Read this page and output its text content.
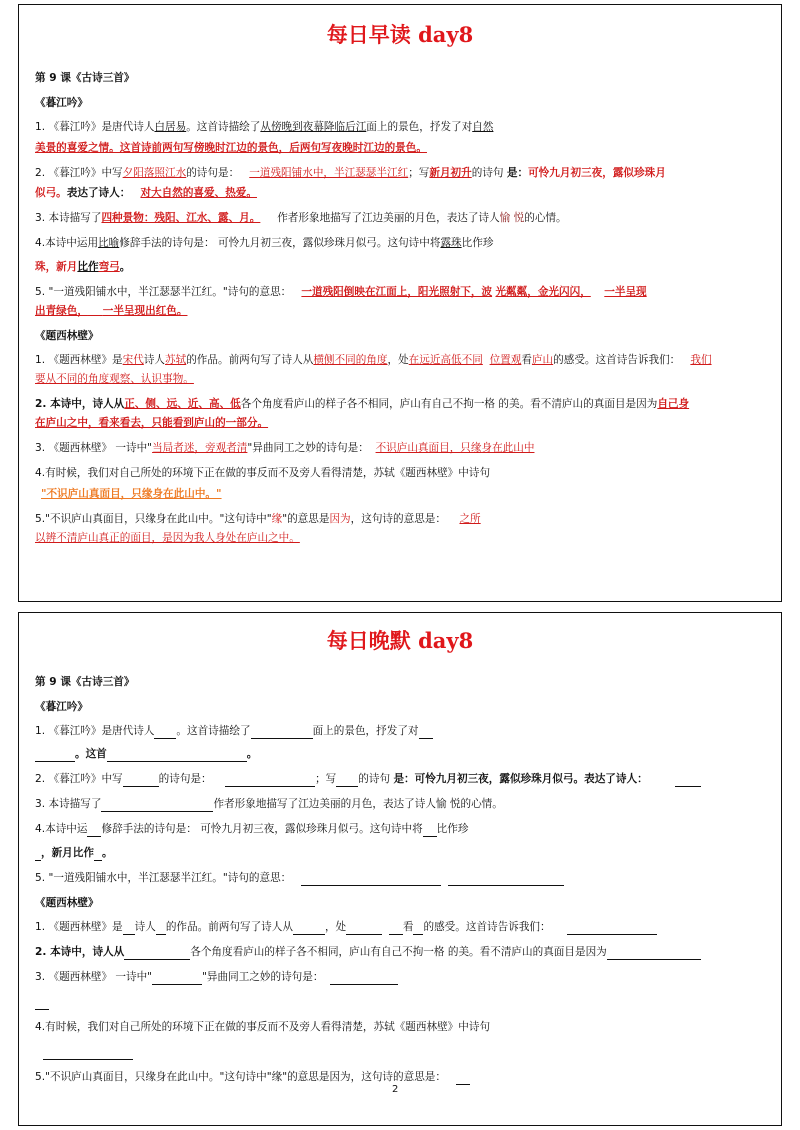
每日早读 day8
第 9 课《古诗三首》
《暮江吟》
1. 《暮江吟》是唐代诗人白居易。这首诗描绘了从傍晚到夜幕降临后江面上的景色，抒发了对自然
美景的喜爱之情。这首诗前两句写傍晚时江边的景色，后两句写夜晚时江边的景色。
2. 《暮江吟》中写夕阳落照江水的诗句是： 一道残阳铺水中，半江瑟瑟半江红；写新月初升的诗句 是：可怜九月初三夜，露似珍珠月
似弓。表达了诗人： 对大自然的喜爱、热爱。
3. 本诗描写了四种景物：残阳、江水、露、月。 作者形象地描写了江边美丽的月色，表达了诗人愉 悦的心情。
4.本诗中运用比喻修辞手法的诗句是： 可怜九月初三夜，露似珍珠月似弓。这句诗中将露珠比作珍
珠，新月比作弯弓。
5. "一道残阳铺水中，半江瑟瑟半江红。"诗句的意思： 一道残阳倒映在江面上，阳光照射下，波 光粼粼，金光闪闪， 一半呈现
出青绿色， 一半呈现出红色。
《题西林壁》
1. 《题西林壁》是宋代诗人苏轼的作品。前两句写了诗人从横侧不同的角度，处在远近高低不同 位置观看庐山的感受。这首诗告诉我们： 我们
要从不同的角度观察、认识事物。
2. 本诗中，诗人从正、侧、远、近、高、低各个角度看庐山的样子各不相同，庐山有自己不拘一格 的美。看不清庐山的真面目是因为自己身
在庐山之中，看来看去，只能看到庐山的一部分。
3. 《题西林壁》 一诗中"当局者迷，旁观者清"异曲同工之妙的诗句是： 不识庐山真面目，只缘身在此山中
4.有时候，我们对自己所处的环境下正在做的事反而不及旁人看得清楚，苏轼《题西林壁》中诗句
"不识庐山真面目，只缘身在此山中。"
5."不识庐山真面目，只缘身在此山中。"这句诗中"缘"的意思是因为，这句诗的意思是： 之所
以辨不清庐山真正的面目，是因为我人身处在庐山之中。
每日晚默 day8
第 9 课《古诗三首》
《暮江吟》
1. 《暮江吟》是唐代诗人 。这首诗描绘了	面上的景色，抒发了对
。这首	。
2. 《暮江吟》中写	的诗句是：	；写 的诗句 是：可怜九月初三夜，露似珍珠月似弓。表达了诗人：
3. 本诗描写了	作者形象地描写了江边美丽的月色，表达了诗人愉 悦的心情。
4.本诗中运 修辞手法的诗句是： 可怜九月初三夜，露似珍珠月似弓。这句诗中将 比作珍
，新月比作 。
5. "一道残阳铺水中，半江瑟瑟半江红。"诗句的意思：
《题西林壁》
1. 《题西林壁》是 诗人 的作品。前两句写了诗人从	，处	看 的感受。这首诗告诉我们：
2. 本诗中，诗人从	各个角度看庐山的样子各不相同，庐山有自己不拘一格 的美。看不清庐山的真面目是因为
3. 《题西林壁》 一诗中"	"异曲同工之妙的诗句是：
4.有时候，我们对自己所处的环境下正在做的事反而不及旁人看得清楚，苏轼《题西林壁》中诗句
5."不识庐山真面目，只缘身在此山中。"这句诗中"缘"的意思是因为，这句诗的意思是：
2
